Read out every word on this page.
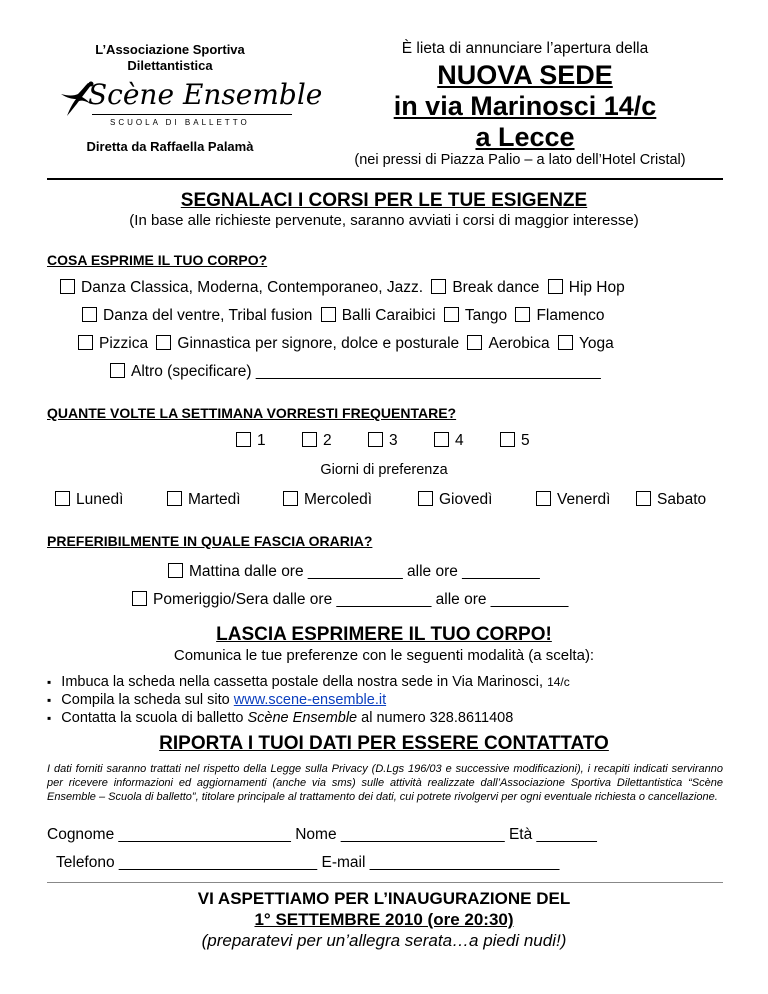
L’Associazione Sportiva
Dilettantistica
Scène Ensemble
SCUOLA DI BALLETTO
Diretta da Raffaella Palamà
È lieta di annunciare l’apertura della
NUOVA SEDE
in via Marinosci 14/c
a Lecce
(nei pressi di Piazza Palio – a lato dell’Hotel Cristal)
SEGNALACI I CORSI PER LE TUE ESIGENZE
(In base alle richieste pervenute, saranno avviati i corsi di maggior interesse)
COSA ESPRIME IL TUO CORPO?
Danza Classica, Moderna, Contemporaneo, Jazz. Break dance Hip Hop
Danza del ventre, Tribal fusion Balli Caraibici Tango Flamenco
Pizzica Ginnastica per signore, dolce e posturale Aerobica Yoga
Altro (specificare) ________________________________________
QUANTE VOLTE LA SETTIMANA VORRESTI FREQUENTARE?
1	2	3	4	5
Giorni di preferenza
Lunedì	Martedì	Mercoledì	Giovedì	Venerdì	Sabato
PREFERIBILMENTE IN QUALE FASCIA ORARIA?
Mattina dalle ore ___________ alle ore _________
Pomeriggio/Sera dalle ore ___________ alle ore _________
LASCIA ESPRIMERE IL TUO CORPO!
Comunica le tue preferenze con le seguenti modalità (a scelta):
▪ Imbuca la scheda nella cassetta postale della nostra sede in Via Marinosci, 14/c
▪ Compila la scheda sul sito www.scene-ensemble.it
▪ Contatta la scuola di balletto Scène Ensemble al numero 328.8611408
RIPORTA I TUOI DATI PER ESSERE CONTATTATO
I dati forniti saranno trattati nel rispetto della Legge sulla Privacy (D.Lgs 196/03 e successive modificazioni), i recapiti indicati serviranno per ricevere informazioni ed aggiornamenti (anche via sms) sulle attività realizzate dall’Associazione Sportiva Dilettantistica “Scène Ensemble – Scuola di balletto”, titolare principale al trattamento dei dati, cui potrete rivolgervi per ogni eventuale richiesta o cancellazione.
Cognome ____________________ Nome ___________________ Età _______
Telefono _______________________ E-mail ______________________
VI ASPETTIAMO PER L’INAUGURAZIONE DEL
1° SETTEMBRE 2010 (ore 20:30)
(preparatevi per un’allegra serata…a piedi nudi!)
